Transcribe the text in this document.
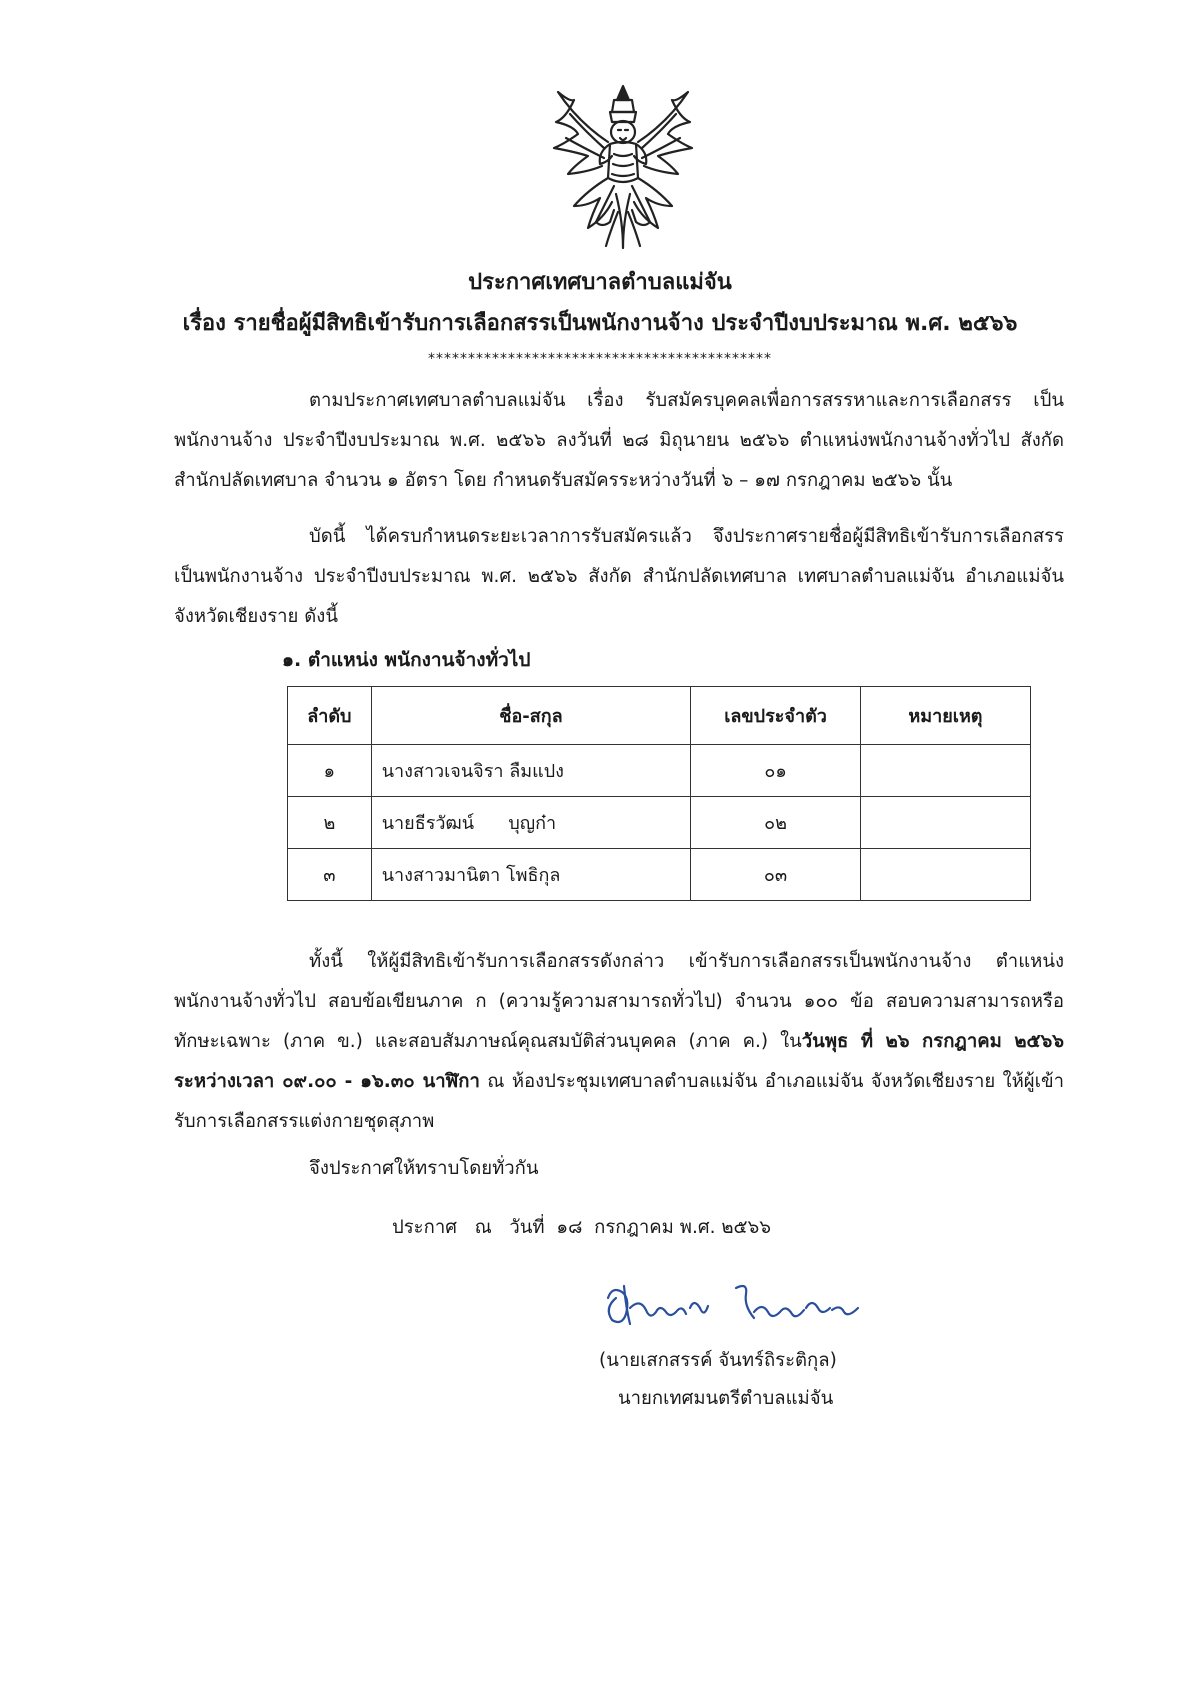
ประกาศเทศบาลตำบลแม่จัน
เรื่อง รายชื่อผู้มีสิทธิเข้ารับการเลือกสรรเป็นพนักงานจ้าง ประจำปีงบประมาณ พ.ศ. ๒๕๖๖
*******************************************

ตามประกาศเทศบาลตำบลแม่จัน เรื่อง รับสมัครบุคคลเพื่อการสรรหาและการเลือกสรร เป็นพนักงานจ้าง ประจำปีงบประมาณ พ.ศ. ๒๕๖๖ ลงวันที่ ๒๘ มิถุนายน ๒๕๖๖ ตำแหน่งพนักงานจ้างทั่วไป สังกัด สำนักปลัดเทศบาล จำนวน ๑ อัตรา โดย กำหนดรับสมัครระหว่างวันที่ ๖ – ๑๗ กรกฎาคม ๒๕๖๖ นั้น

บัดนี้ ได้ครบกำหนดระยะเวลาการรับสมัครแล้ว จึงประกาศรายชื่อผู้มีสิทธิเข้ารับการเลือกสรร เป็นพนักงานจ้าง ประจำปีงบประมาณ พ.ศ. ๒๕๖๖ สังกัด สำนักปลัดเทศบาล เทศบาลตำบลแม่จัน อำเภอแม่จัน จังหวัดเชียงราย ดังนี้

๑. ตำแหน่ง พนักงานจ้างทั่วไป

ลำดับ	ชื่อ-สกุล	เลขประจำตัว	หมายเหตุ
๑	นางสาวเจนจิรา ลืมแปง	๐๑	
๒	นายธีรวัฒน์      บุญก๋า	๐๒	
๓	นางสาวมานิตา โพธิกุล	๐๓	

ทั้งนี้ ให้ผู้มีสิทธิเข้ารับการเลือกสรรดังกล่าว เข้ารับการเลือกสรรเป็นพนักงานจ้าง ตำแหน่ง พนักงานจ้างทั่วไป สอบข้อเขียนภาค ก (ความรู้ความสามารถทั่วไป) จำนวน ๑๐๐ ข้อ สอบความสามารถหรือทักษะเฉพาะ (ภาค ข.) และสอบสัมภาษณ์คุณสมบัติส่วนบุคคล (ภาค ค.) ในวันพุธ ที่ ๒๖ กรกฎาคม ๒๕๖๖ ระหว่างเวลา ๐๙.๐๐ - ๑๖.๓๐ นาฬิกา ณ ห้องประชุมเทศบาลตำบลแม่จัน อำเภอแม่จัน จังหวัดเชียงราย ให้ผู้เข้ารับการเลือกสรรแต่งกายชุดสุภาพ

จึงประกาศให้ทราบโดยทั่วกัน

ประกาศ   ณ   วันที่  ๑๘  กรกฎาคม พ.ศ. ๒๕๖๖

(นายเสกสรรค์ จันทร์ถิระติกุล)

นายกเทศมนตรีตำบลแม่จัน
